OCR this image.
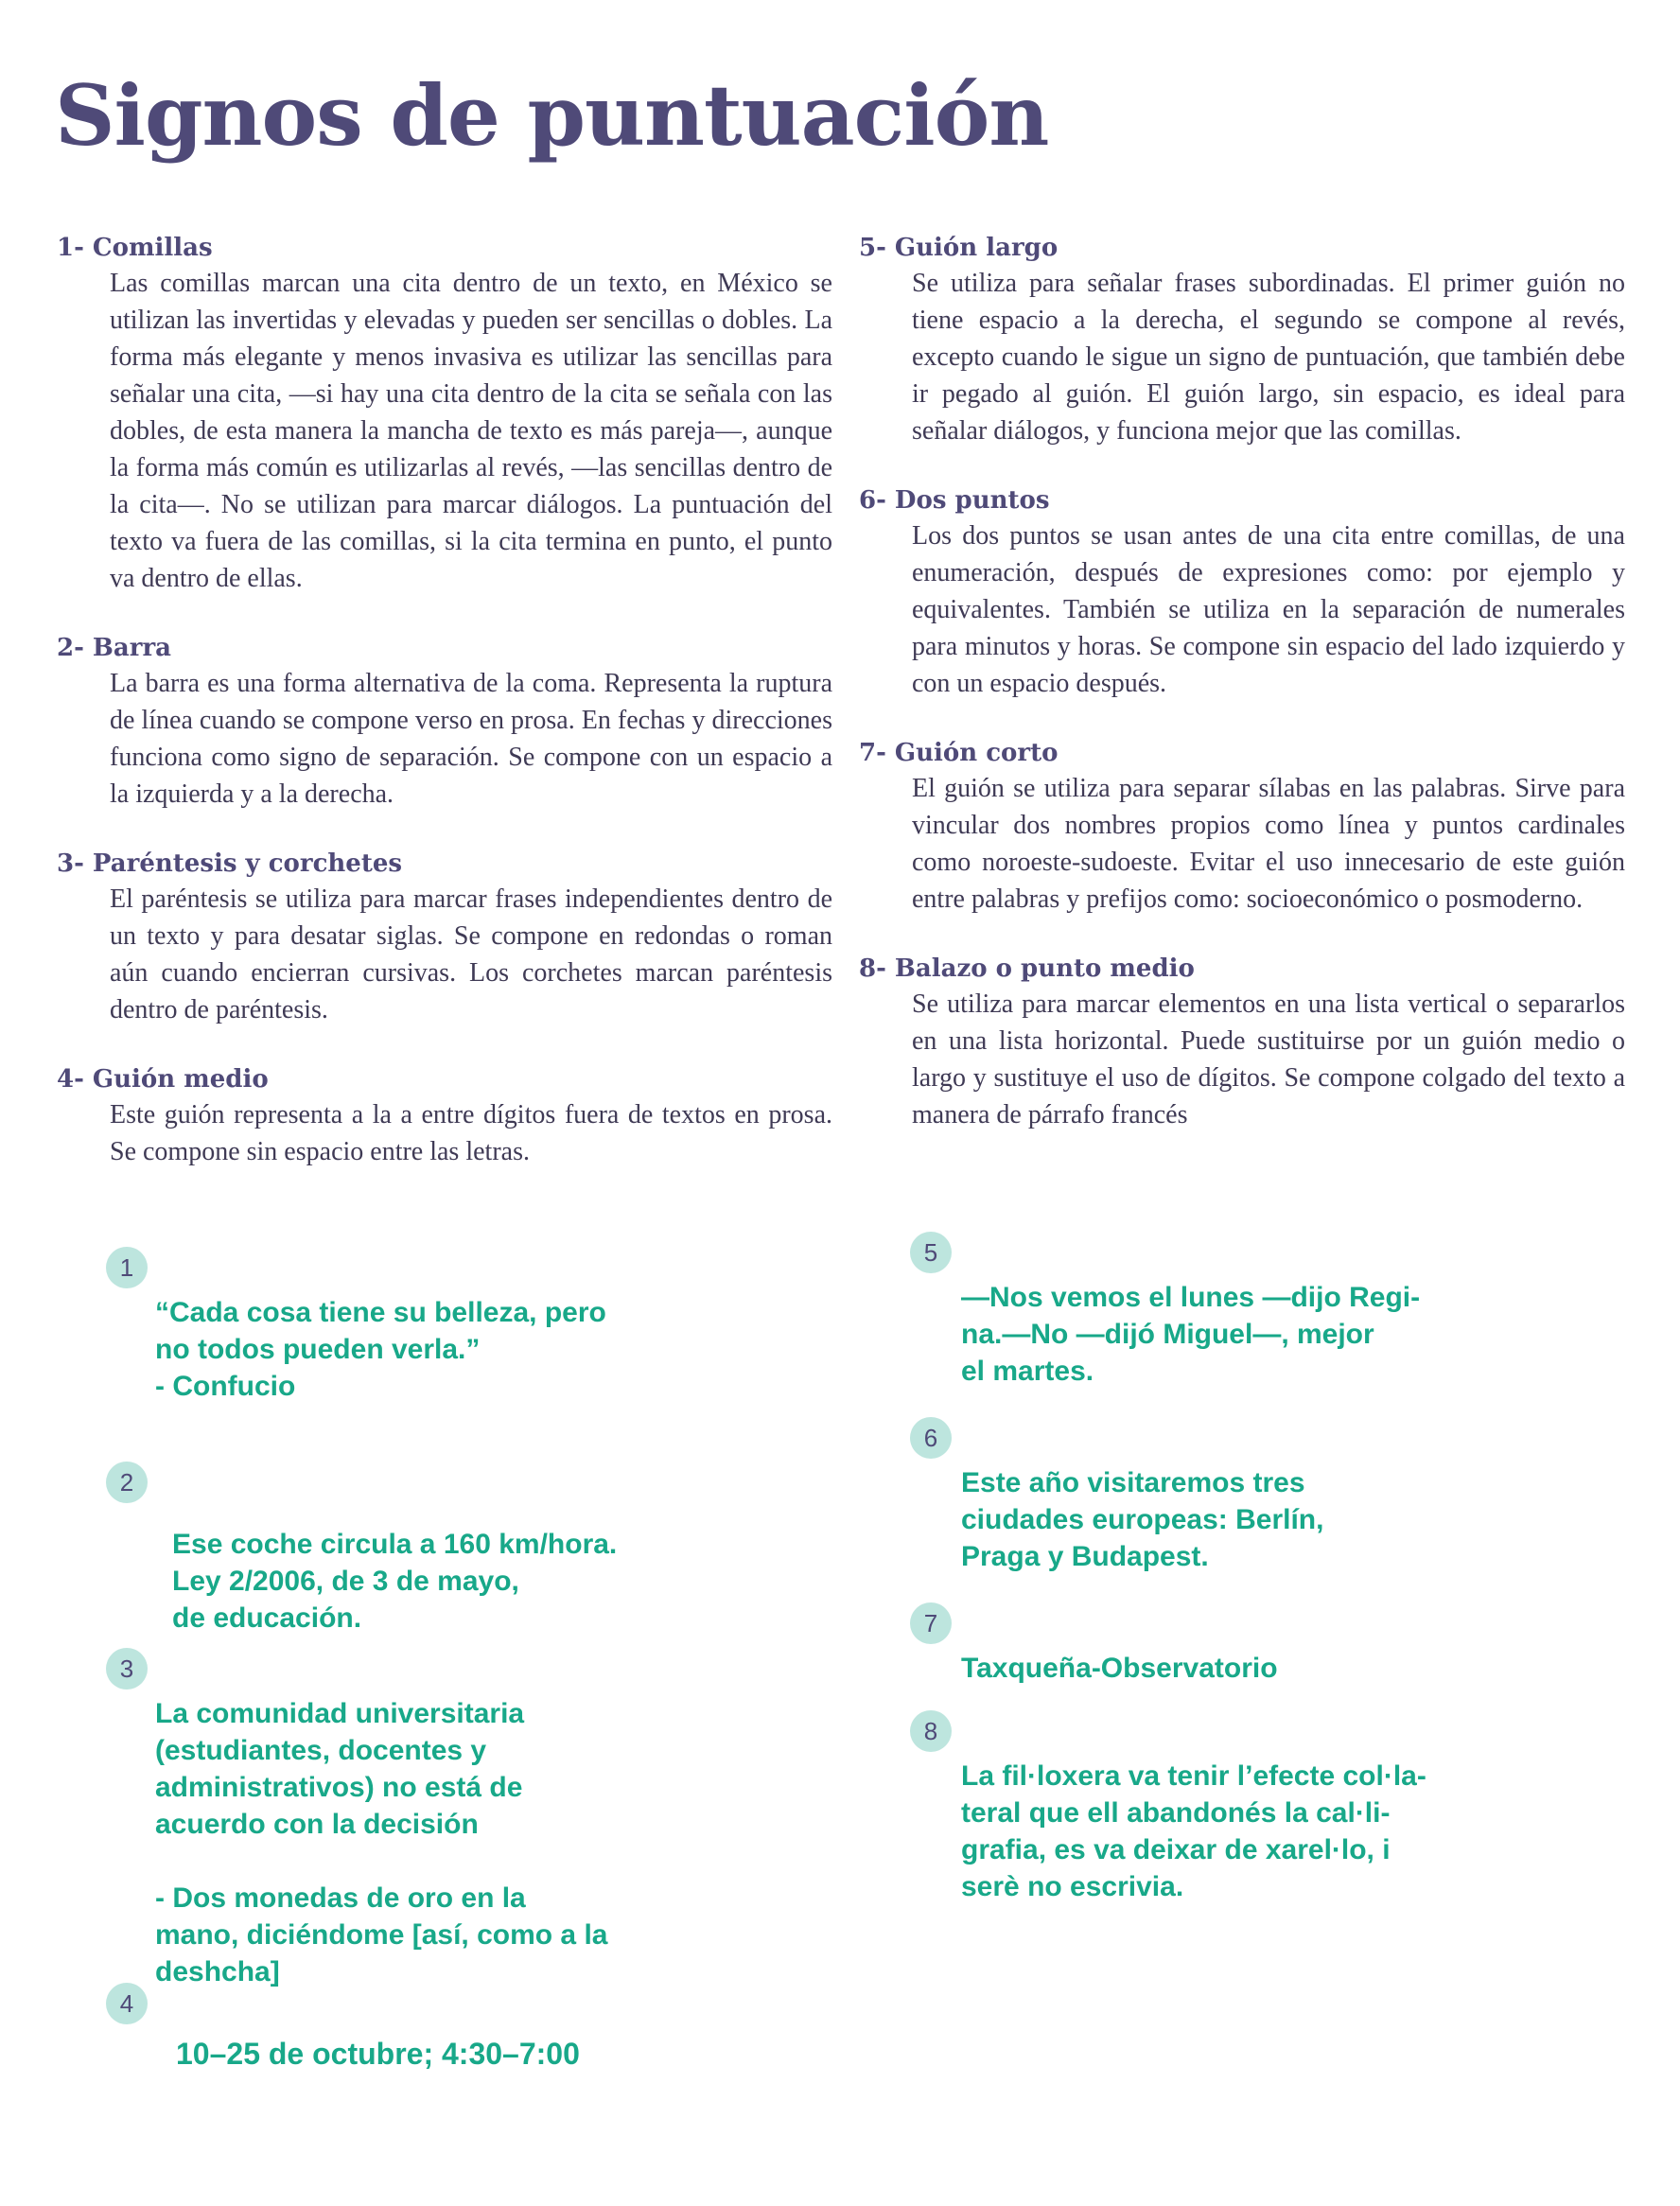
Signos de puntuación
1- Comillas

Las comillas marcan una cita dentro de un texto, en México se utilizan las invertidas y elevadas y pueden ser sencillas o dobles. La forma más elegante y menos invasiva es utilizar las sencillas para señalar una cita, —si hay una cita dentro de la cita se señala con las dobles, de esta manera la mancha de texto es más pareja—, aunque la forma más común es utilizarlas al revés, —las sencillas dentro de la cita—. No se utilizan para marcar diálogos. La puntuación del texto va fuera de las comillas, si la cita termina en punto, el punto va dentro de ellas.

2- Barra

La barra es una forma alternativa de la coma. Representa la ruptura de línea cuando se compone verso en prosa. En fechas y direcciones funciona como signo de separación. Se compone con un espacio a la izquierda y a la derecha.

3- Paréntesis y corchetes

El paréntesis se utiliza para marcar frases independientes dentro de un texto y para desatar siglas. Se compone en redondas o roman aún cuando encierran cursivas. Los corchetes marcan paréntesis dentro de paréntesis.

4- Guión medio

Este guión representa a la a entre dígitos fuera de textos en prosa. Se compone sin espacio entre las letras.

5- Guión largo

Se utiliza para señalar frases subordinadas. El primer guión no tiene espacio a la derecha, el segundo se compone al revés, excepto cuando le sigue un signo de puntuación, que también debe ir pegado al guión. El guión largo, sin espacio, es ideal para señalar diálogos, y funciona mejor que las comillas.

6- Dos puntos

Los dos puntos se usan antes de una cita entre comillas, de una enumeración, después de expresiones como: por ejemplo y equivalentes. También se utiliza en la separación de numerales para minutos y horas. Se compone sin espacio del lado izquierdo y con un espacio después.

7- Guión corto

El guión se utiliza para separar sílabas en las palabras. Sirve para vincular dos nombres propios como línea y puntos cardinales como noroeste-sudoeste. Evitar el uso innecesario de este guión entre palabras y prefijos como: socioeconómico o posmoderno.

8- Balazo o punto medio

Se utiliza para marcar elementos en una lista vertical o separarlos en una lista horizontal. Puede sustituirse por un guión medio o largo y sustituye el uso de dígitos. Se compone colgado del texto a manera de párrafo francés

1
“Cada cosa tiene su belleza, pero
no todos pueden verla.”
- Confucio
2
Ese coche circula a 160 km/hora.
Ley 2/2006, de 3 de mayo,
de educación.
3
La comunidad universitaria
(estudiantes, docentes y
administrativos) no está de
acuerdo con la decisión

- Dos monedas de oro en la
mano, diciéndome [así, como a la
deshcha]
4
10–25 de octubre; 4:30–7:00
5
—Nos vemos el lunes —dijo Regi-
na.—No —dijó Miguel—, mejor
el martes.
6
Este año visitaremos tres
ciudades europeas: Berlín,
Praga y Budapest.
7
Taxqueña-Observatorio
8
La fil·loxera va tenir l’efecte col·la-
teral que ell abandonés la cal·li-
grafia, es va deixar de xarel·lo, i
serè no escrivia.
